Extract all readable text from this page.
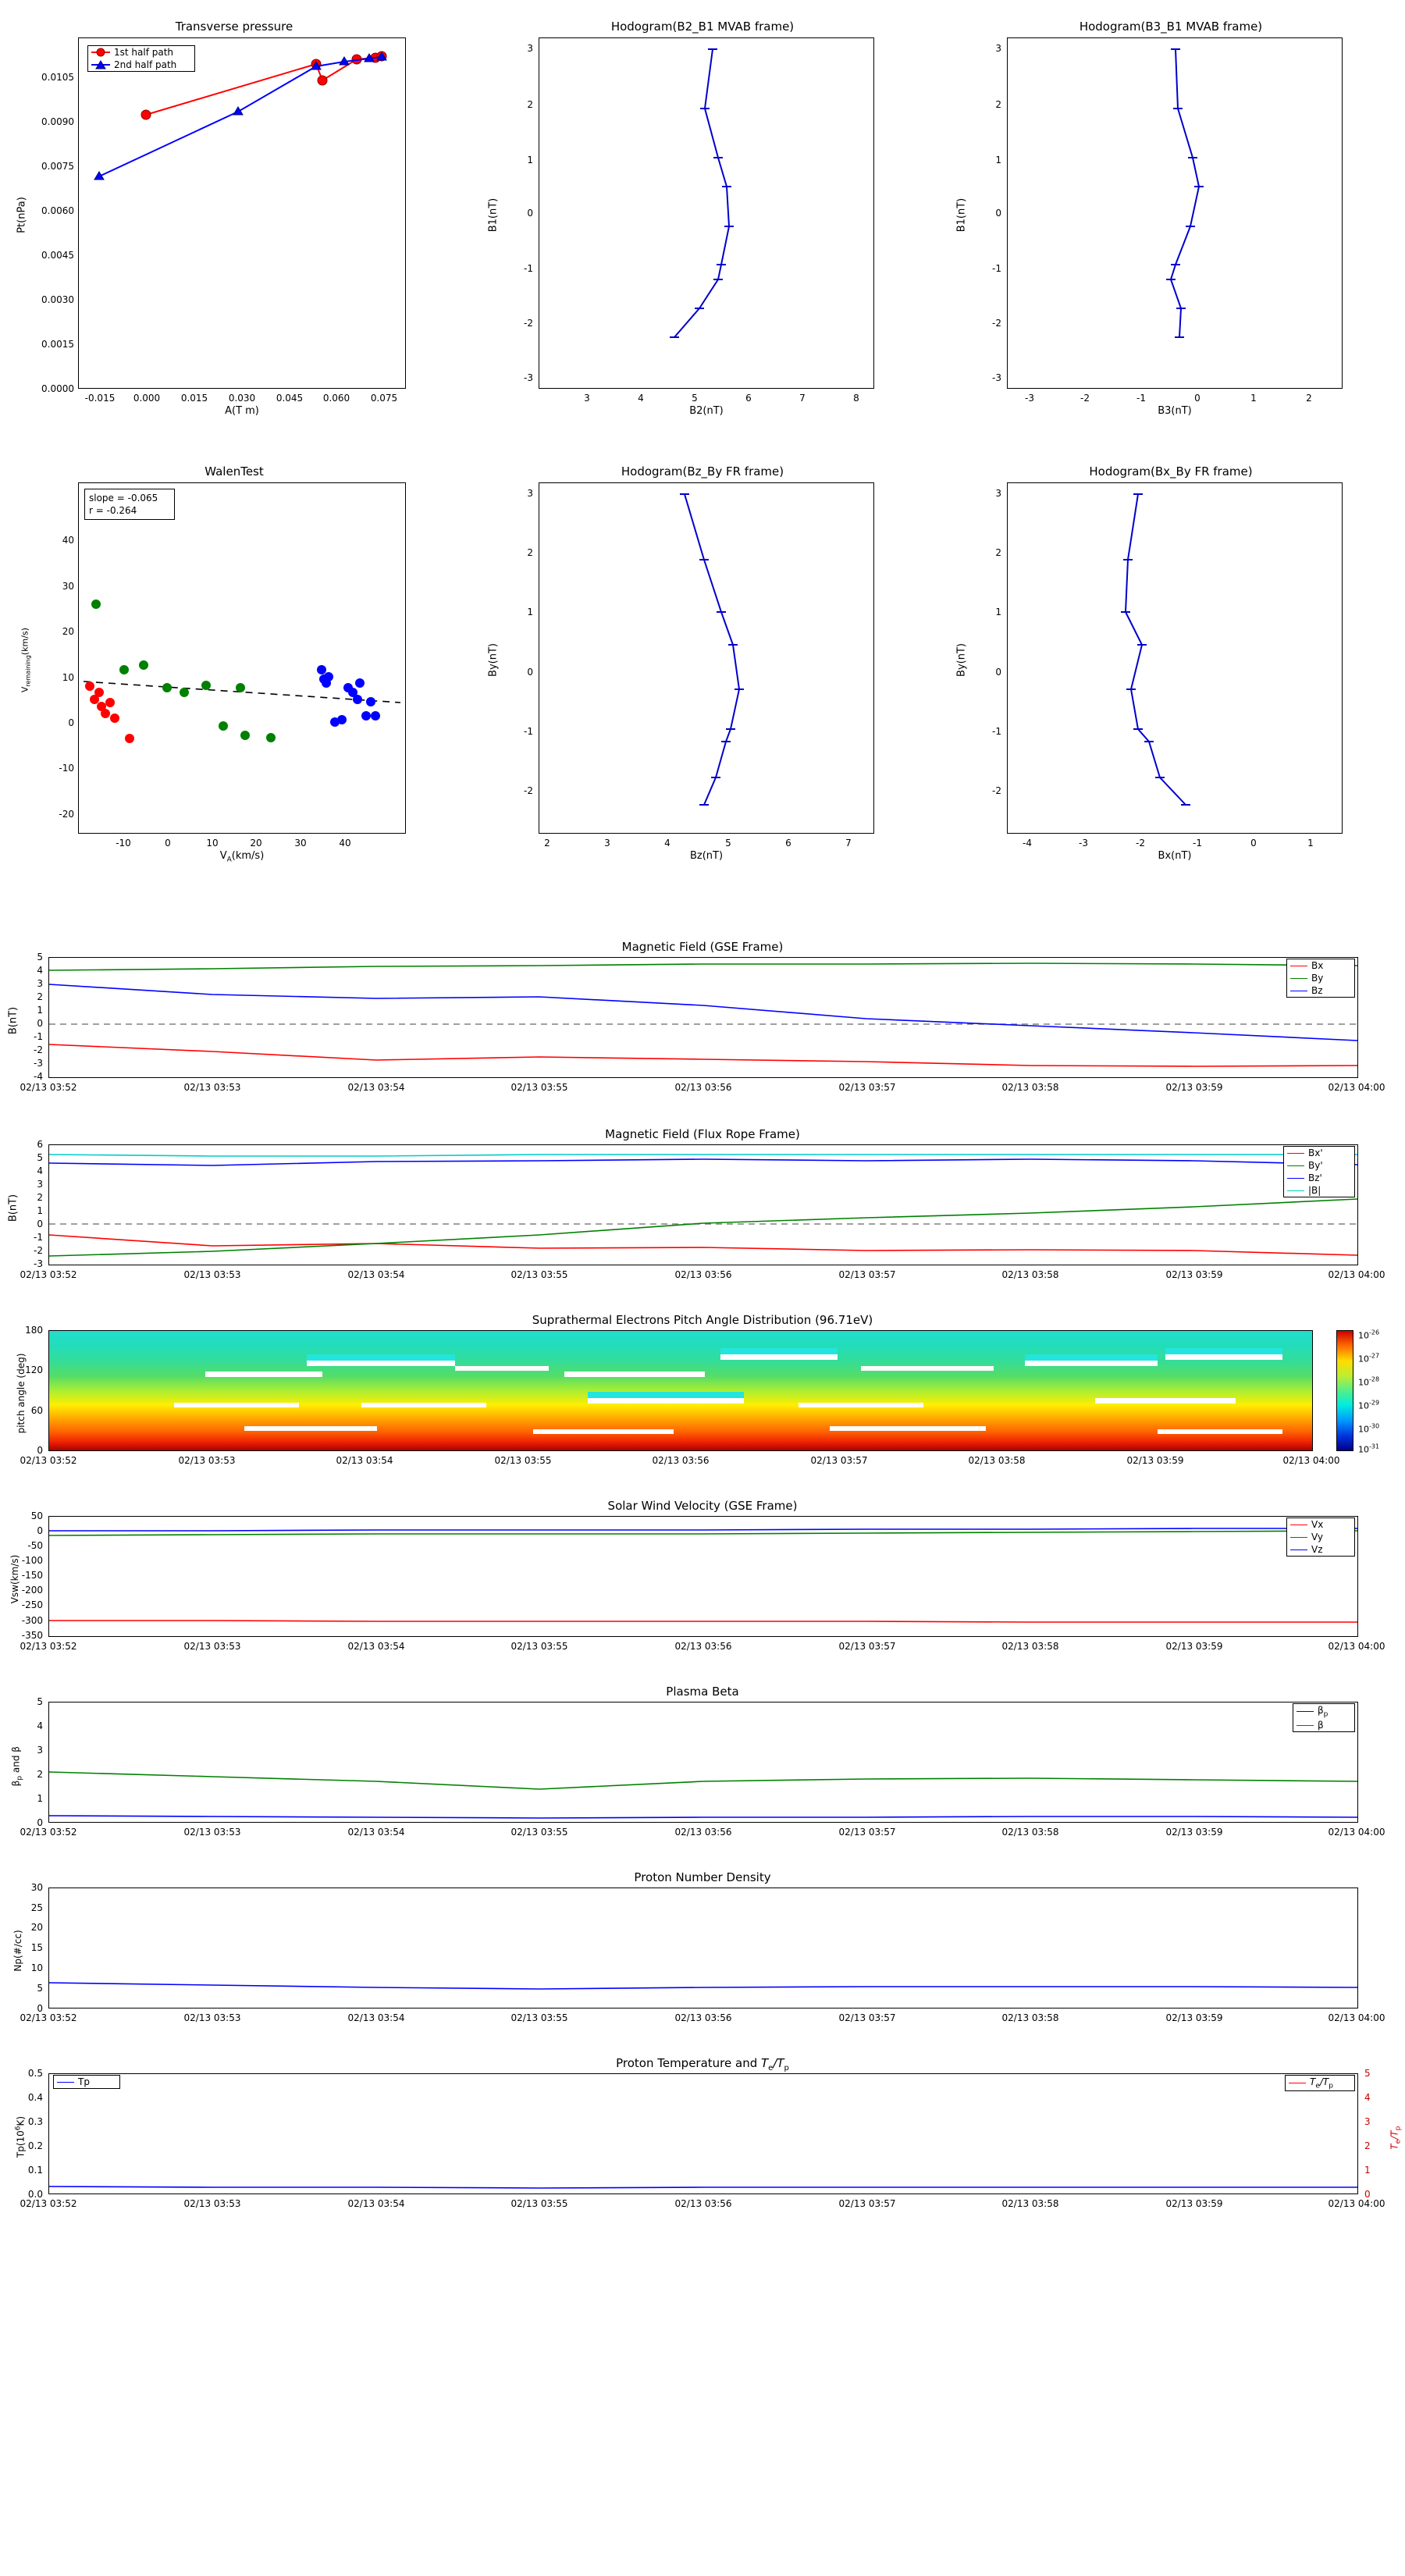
Transverse pressure
1st half path
2nd half path
0.0000
0.0015
0.0030
0.0045
0.0060
0.0075
0.0090
0.0105
-0.015 0.000 0.015 0.030 0.045 0.060 0.075
A(T m)
Pt(nPa)
Hodogram(B2_B1 MVAB frame)
3
2
1
0
-1
-2
-3
3	4	5	6	7	8
B2(nT)
B1(nT)
Hodogram(B3_B1 MVAB frame)
3
2
1
0
-1
-2
-3
-3	-2	-1	0	1	2
B3(nT)
B1(nT)
WalenTest
slope = -0.065
r = -0.264
40
30
20
10
0
-10
-20
-10	0	10	20	30	40
$V_A(km/s)$
$V_{remaining}(km/s)$
Hodogram(Bz_By FR frame)
3
2
1
0
-1
-2
2	3	4	5	6	7
Bz(nT)
By(nT)
Hodogram(Bx_By FR frame)
3
2
1
0
-1
-2
-4	-3	-2	-1	0	1
Bx(nT)
By(nT)
Magnetic Field (GSE Frame)
Bx
By
Bz
5
4
3
2
1
0
-1
-2
-3
-4
B(nT)
02/13 03:52	02/13 03:53	02/13 03:54	02/13 03:55	02/13 03:56	02/13 03:57	02/13 03:58	02/13 03:59	02/13 04:00
Magnetic Field (Flux Rope Frame)
Bx'
By'
Bz'
|B|
6
5
4
3
2
1
0
-1
-2
-3
B(nT)
02/13 03:52	02/13 03:53	02/13 03:54	02/13 03:55	02/13 03:56	02/13 03:57	02/13 03:58	02/13 03:59	02/13 04:00
Suprathermal Electrons Pitch Angle Distribution (96.71eV)
180
120
60
0
pitch angle (deg)
02/13 03:52	02/13 03:53	02/13 03:54	02/13 03:55	02/13 03:56	02/13 03:57	02/13 03:58	02/13 03:59	02/13 04:00
$10^{-26}$
$10^{-27}$
$10^{-28}$
$10^{-29}$
$10^{-30}$
$10^{-31}$
Solar Wind Velocity (GSE Frame)
Vx
Vy
Vz
50
0
-50
-100
-150
-200
-250
-300
-350
Vsw(km/s)
02/13 03:52	02/13 03:53	02/13 03:54	02/13 03:55	02/13 03:56	02/13 03:57	02/13 03:58	02/13 03:59	02/13 04:00
Plasma Beta
$\beta_p$
β
5
4
3
2
1
0
$\beta_p$ and β
02/13 03:52	02/13 03:53	02/13 03:54	02/13 03:55	02/13 03:56	02/13 03:57	02/13 03:58	02/13 03:59	02/13 04:00
Proton Number Density
30
25
20
15
10
5
0
Np(#/cc)
02/13 03:52	02/13 03:53	02/13 03:54	02/13 03:55	02/13 03:56	02/13 03:57	02/13 03:58	02/13 03:59	02/13 04:00
Proton Temperature and $T_e/T_p$
Tp	$T_e/T_p$
0.5
0.4
0.3
0.2
0.1
0.0
5
4
3
2
1
0
$Tp(10^6K)$
$T_e/T_p$
02/13 03:52	02/13 03:53	02/13 03:54	02/13 03:55	02/13 03:56	02/13 03:57	02/13 03:58	02/13 03:59	02/13 04:00
